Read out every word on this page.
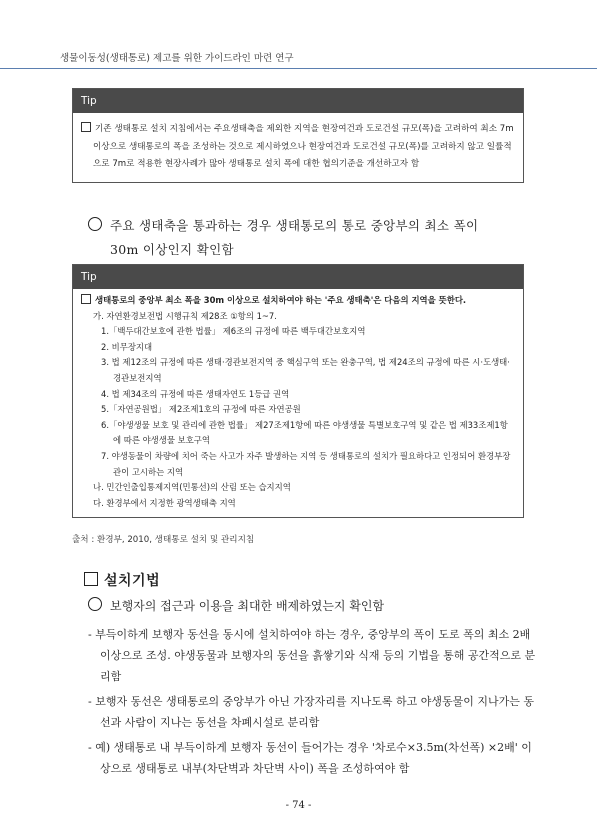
생물이동성(생태통로) 제고를 위한 가이드라인 마련 연구
Tip

기존 생태통로 설치 지침에서는 주요생태축을 제외한 지역을 현장여건과 도로건설 규모(폭)을 고려하여 최소 7m이상으로 생태통로의 폭을 조성하는 것으로 제시하였으나 현장여건과 도로건설 규모(폭)를 고려하지 않고 일률적으로 7m로 적용한 현장사례가 많아 생태통로 설치 폭에 대한 협의기준을 개선하고자 함

주요 생태축을 통과하는 경우 생태통로의 통로 중앙부의 최소 폭이
30m 이상인지 확인함
Tip

생태통로의 중앙부 최소 폭을 30m 이상으로 설치하여야 하는 '주요 생태축'은 다음의 지역을 뜻한다.

가. 자연환경보전법 시행규칙 제28조 ①항의 1~7.

1.「백두대간보호에 관한 법률」 제6조의 규정에 따른 백두대간보호지역

2. 비무장지대

3. 법 제12조의 규정에 따른 생태·경관보전지역 중 핵심구역 또는 완충구역, 법 제24조의 규정에 따른 시·도생태·경관보전지역

4. 법 제34조의 규정에 따른 생태자연도 1등급 권역

5.「자연공원법」 제2조제1호의 규정에 따른 자연공원

6.「야생생물 보호 및 관리에 관한 법률」 제27조제1항에 따른 야생생물 특별보호구역 및 같은 법 제33조제1항에 따른 야생생물 보호구역

7. 야생동물이 차량에 치어 죽는 사고가 자주 발생하는 지역 등 생태통로의 설치가 필요하다고 인정되어 환경부장관이 고시하는 지역

나. 민간인출입통제지역(민통선)의 산림 또는 습지지역

다. 환경부에서 지정한 광역생태축 지역

출처 : 환경부, 2010, 생태통로 설치 및 관리지침
설치기법
보행자의 접근과 이용을 최대한 배제하였는지 확인함

- 부득이하게 보행자 동선을 동시에 설치하여야 하는 경우, 중앙부의 폭이 도로 폭의 최소 2배 이상으로 조성. 야생동물과 보행자의 동선을 흙쌓기와 식재 등의 기법을 통해 공간적으로 분리함

- 보행자 동선은 생태통로의 중앙부가 아닌 가장자리를 지나도록 하고 야생동물이 지나가는 동선과 사람이 지나는 동선을 차폐시설로 분리함

- 예) 생태통로 내 부득이하게 보행자 동선이 들어가는 경우 '차로수×3.5m(차선폭) ×2배' 이상으로 생태통로 내부(차단벽과 차단벽 사이) 폭을 조성하여야 함

- 74 -
